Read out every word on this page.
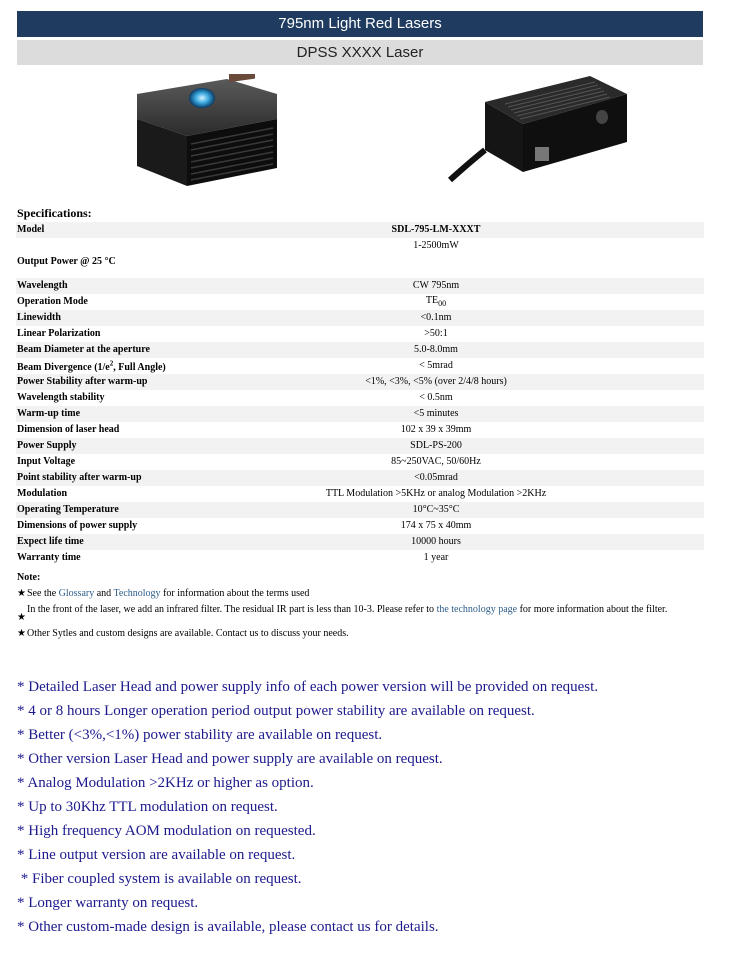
795nm Light Red Lasers
DPSS XXXX Laser
Specifications:
Model	SDL-795-LM-XXXT
Output Power @ 25 °C	1-2500mW
Wavelength	CW 795nm
Operation Mode	$TE_{00}$
Linewidth	<0.1nm
Linear Polarization	>50:1
Beam Diameter at the aperture	5.0-8.0mm
Beam Divergence ($1/e^2$, Full Angle)	< 5mrad
Power Stability after warm-up	<1%, <3%, <5% (over 2/4/8 hours)
Wavelength stability	< 0.5nm
Warm-up time	<5 minutes
Dimension of laser head	102 x 39 x 39mm
Power Supply	SDL-PS-200
Input Voltage	85~250VAC, 50/60Hz
Point stability after warm-up	<0.05mrad
Modulation	TTL Modulation >5KHz or analog Modulation >2KHz
Operating Temperature	10°C~35°C
Dimensions of power supply	174 x 75 x 40mm
Expect life time	10000 hours
Warranty time	1 year
Note:
★ See the Glossary and Technology for information about the terms used
★
In the front of the laser, we add an infrared filter. The residual IR part is less than 10-3. Please refer to the technology page for more information about the filter.
★ Other Sytles and custom designs are available. Contact us to discuss your needs.
* Detailed Laser Head and power supply info of each power version will be provided on request.
* 4 or 8 hours Longer operation period output power stability are available on request.
* Better (<3%,<1%) power stability are available on request.
* Other version Laser Head and power supply are available on request.
* Analog Modulation >2KHz or higher as option.
* Up to 30Khz TTL modulation on request.
* High frequency AOM modulation on requested.
* Line output version are available on request.
* Fiber coupled system is available on request.
* Longer warranty on request.
* Other custom-made design is available, please contact us for details.
